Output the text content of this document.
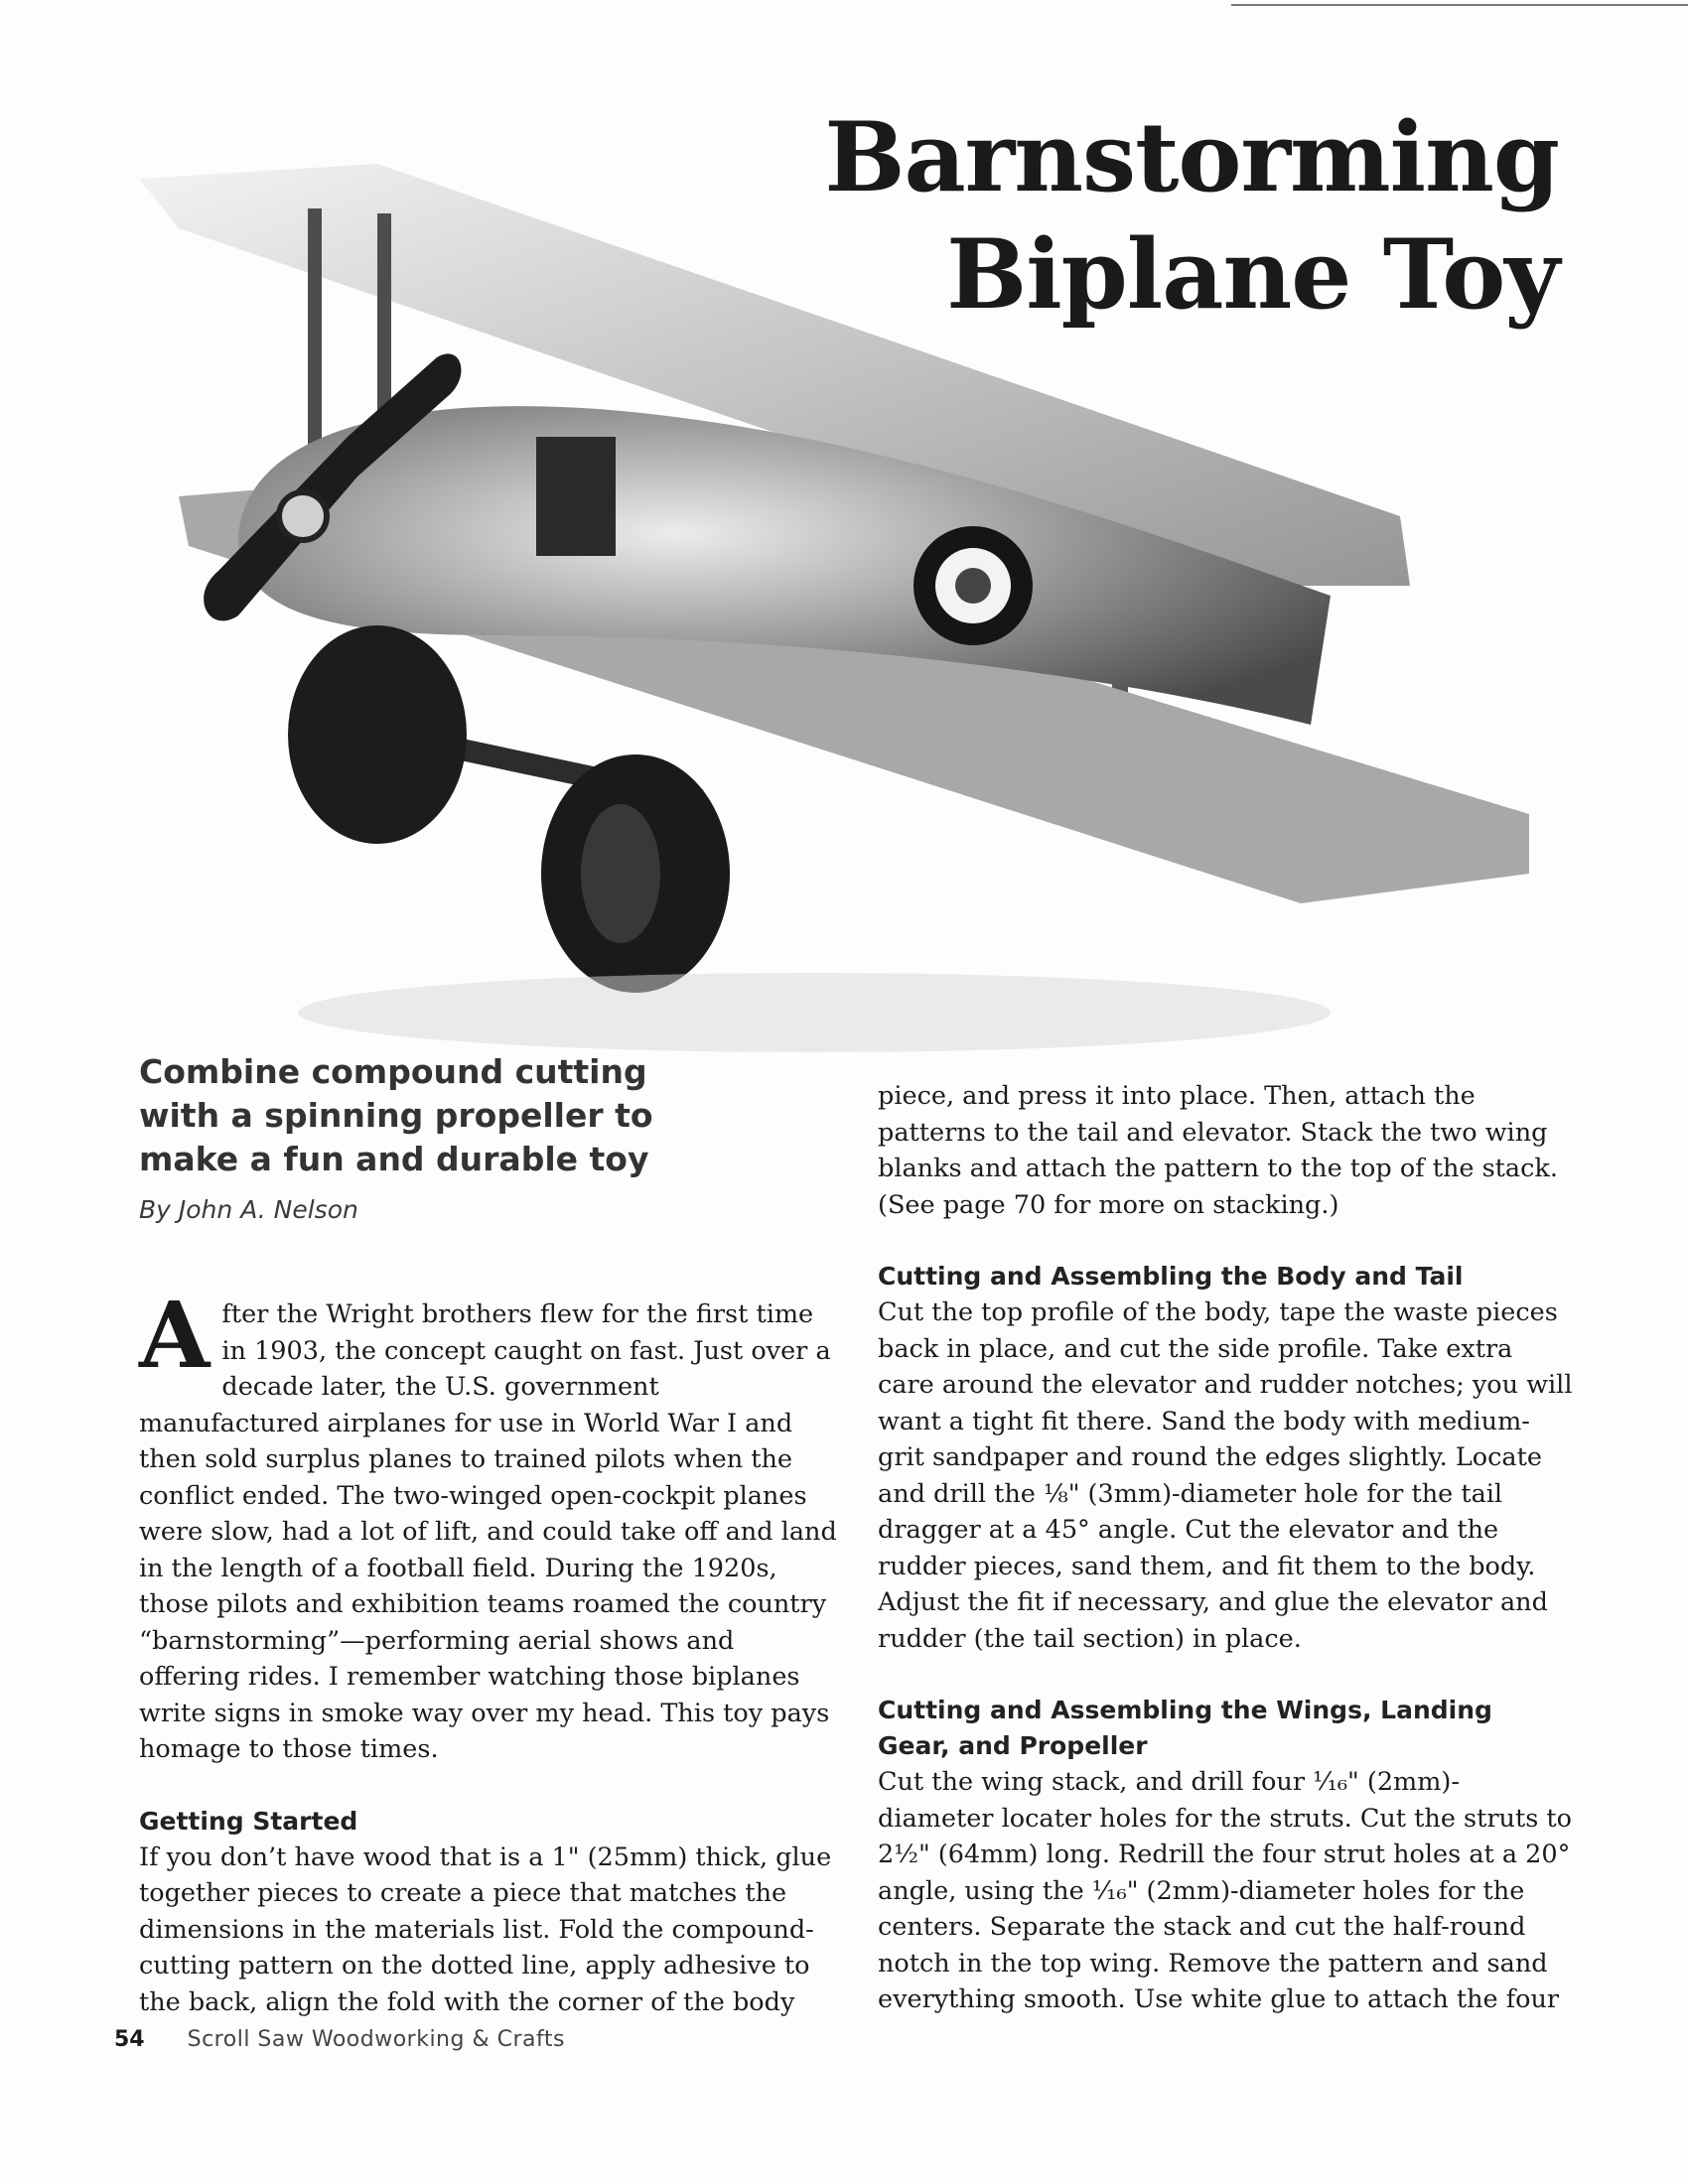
Barnstorming
Biplane Toy
Combine compound cutting with a spinning propeller to make a fun and durable toy
By John A. Nelson

After the Wright brothers flew for the first time in 1903, the concept caught on fast. Just over a decade later, the U.S. government manufactured airplanes for use in World War I and then sold surplus planes to trained pilots when the conflict ended. The two-winged open-cockpit planes were slow, had a lot of lift, and could take off and land in the length of a football field. During the 1920s, those pilots and exhibition teams roamed the country “barnstorming”—performing aerial shows and offering rides. I remember watching those biplanes write signs in smoke way over my head. This toy pays homage to those times.

Getting Started

If you don’t have wood that is a 1" (25mm) thick, glue together pieces to create a piece that matches the dimensions in the materials list. Fold the compound-cutting pattern on the dotted line, apply adhesive to the back, align the fold with the corner of the body

piece, and press it into place. Then, attach the patterns to the tail and elevator. Stack the two wing blanks and attach the pattern to the top of the stack. (See page 70 for more on stacking.)

Cutting and Assembling the Body and Tail

Cut the top profile of the body, tape the waste pieces back in place, and cut the side profile. Take extra care around the elevator and rudder notches; you will want a tight fit there. Sand the body with medium-grit sandpaper and round the edges slightly. Locate and drill the ⅛" (3mm)-diameter hole for the tail dragger at a 45° angle. Cut the elevator and the rudder pieces, sand them, and fit them to the body. Adjust the fit if necessary, and glue the elevator and rudder (the tail section) in place.

Cutting and Assembling the Wings, Landing Gear, and Propeller

Cut the wing stack, and drill four ¹⁄₁₆" (2mm)-diameter locater holes for the struts. Cut the struts to 2½" (64mm) long. Redrill the four strut holes at a 20° angle, using the ¹⁄₁₆" (2mm)-diameter holes for the centers. Separate the stack and cut the half-round notch in the top wing. Remove the pattern and sand everything smooth. Use white glue to attach the four

54 Scroll Saw Woodworking & Crafts
